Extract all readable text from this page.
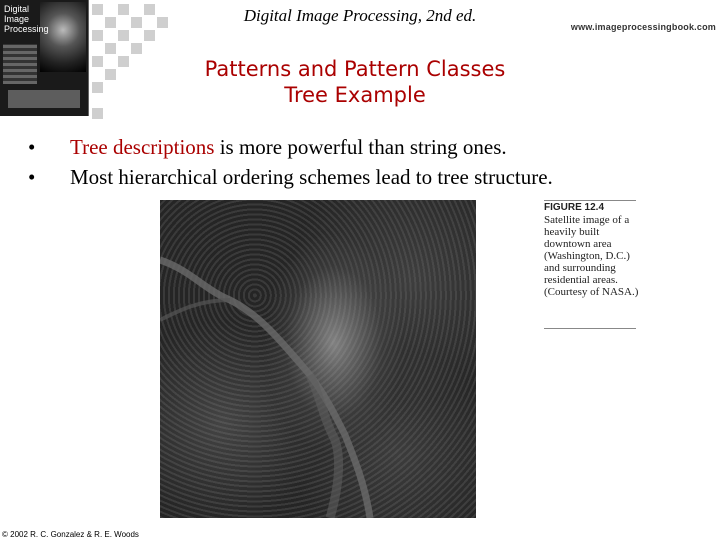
Digital
Image
Processing
Digital Image Processing, 2nd ed.
www.imageprocessingbook.com
Patterns and Pattern Classes
Tree Example
• Tree descriptions is more powerful than string ones.
• Most hierarchical ordering schemes lead to tree structure.
FIGURE 12.4
Satellite image of a heavily built downtown area (Washington, D.C.) and surrounding residential areas. (Courtesy of NASA.)
© 2002 R. C. Gonzalez & R. E. Woods
